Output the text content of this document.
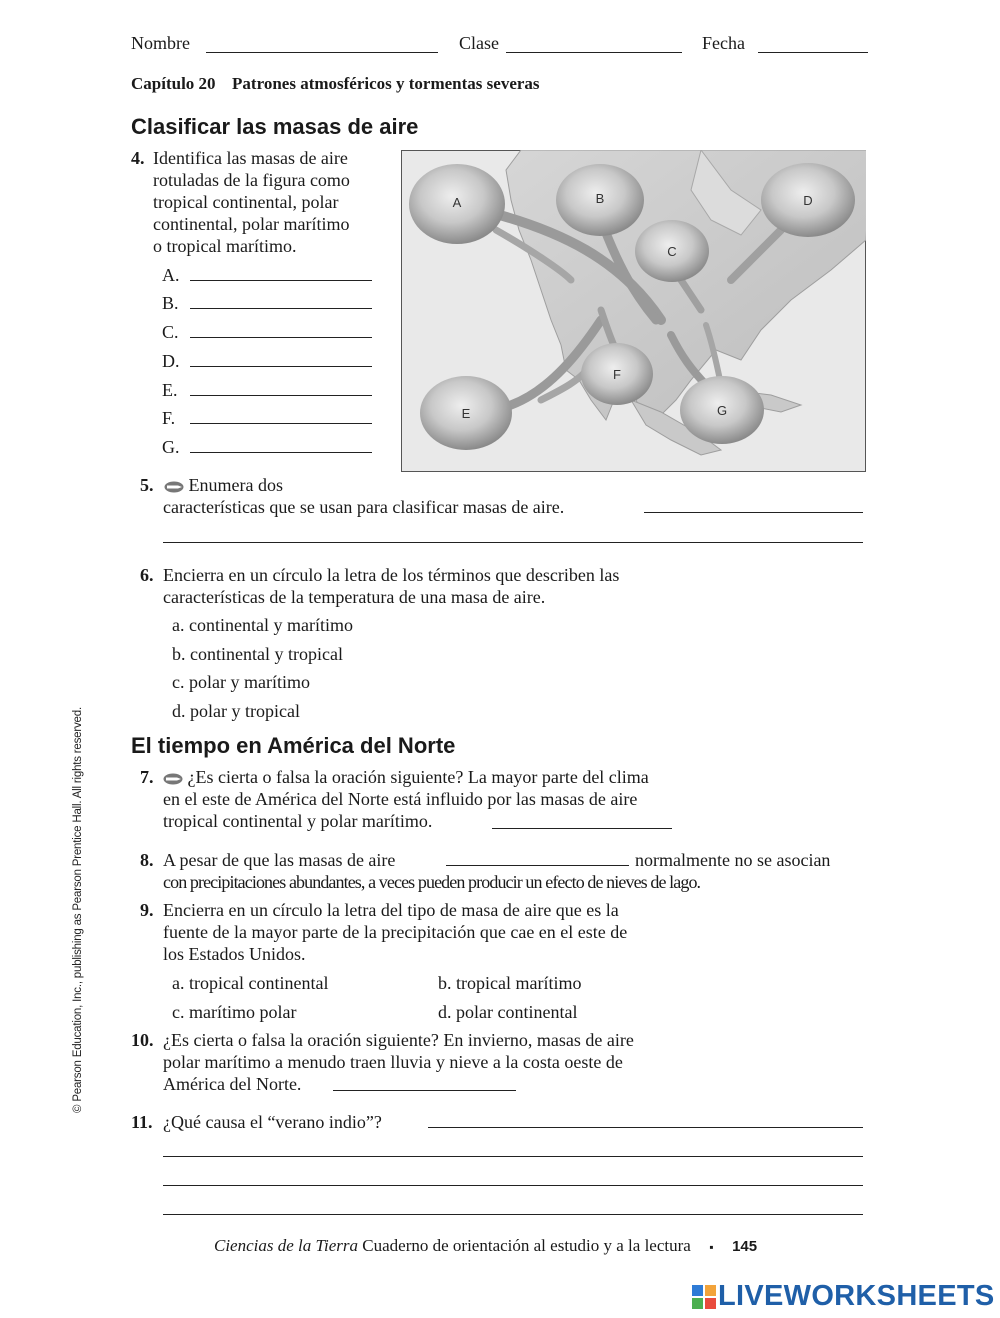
Nombre	Clase	Fecha
Capítulo 20 Patrones atmosféricos y tormentas severas
Clasificar las masas de aire
4. Identifica las masas de aire
rotuladas de la figura como
tropical continental, polar
continental, polar marítimo
o tropical marítimo.
A.
B.
C.
D.
E.
F.
G.
A	B
C
D
E
F
G
5.	Enumera dos
características que se usan para clasificar masas de aire.
6. Encierra en un círculo la letra de los términos que describen las
características de la temperatura de una masa de aire.
a. continental y marítimo
b. continental y tropical
c. polar y marítimo
d. polar y tropical
El tiempo en América del Norte
7.	¿Es cierta o falsa la oración siguiente? La mayor parte del clima
en el este de América del Norte está influido por las masas de aire
tropical continental y polar marítimo.
8. A pesar de que las masas de aire	normalmente no se asocian
con precipitaciones abundantes, a veces pueden producir un efecto de nieves de lago.
9. Encierra en un círculo la letra del tipo de masa de aire que es la
fuente de la mayor parte de la precipitación que cae en el este de
los Estados Unidos.
a. tropical continental	b. tropical marítimo
c. marítimo polar	d. polar continental
10. ¿Es cierta o falsa la oración siguiente? En invierno, masas de aire
polar marítimo a menudo traen lluvia y nieve a la costa oeste de
América del Norte.
11. ¿Qué causa el “verano indio”?
© Pearson Education, Inc., publishing as Pearson Prentice Hall. All rights reserved.
Ciencias de la Tierra Cuaderno de orientación al estudio y a la lectura ▪ 145
LIVEWORKSHEETS
